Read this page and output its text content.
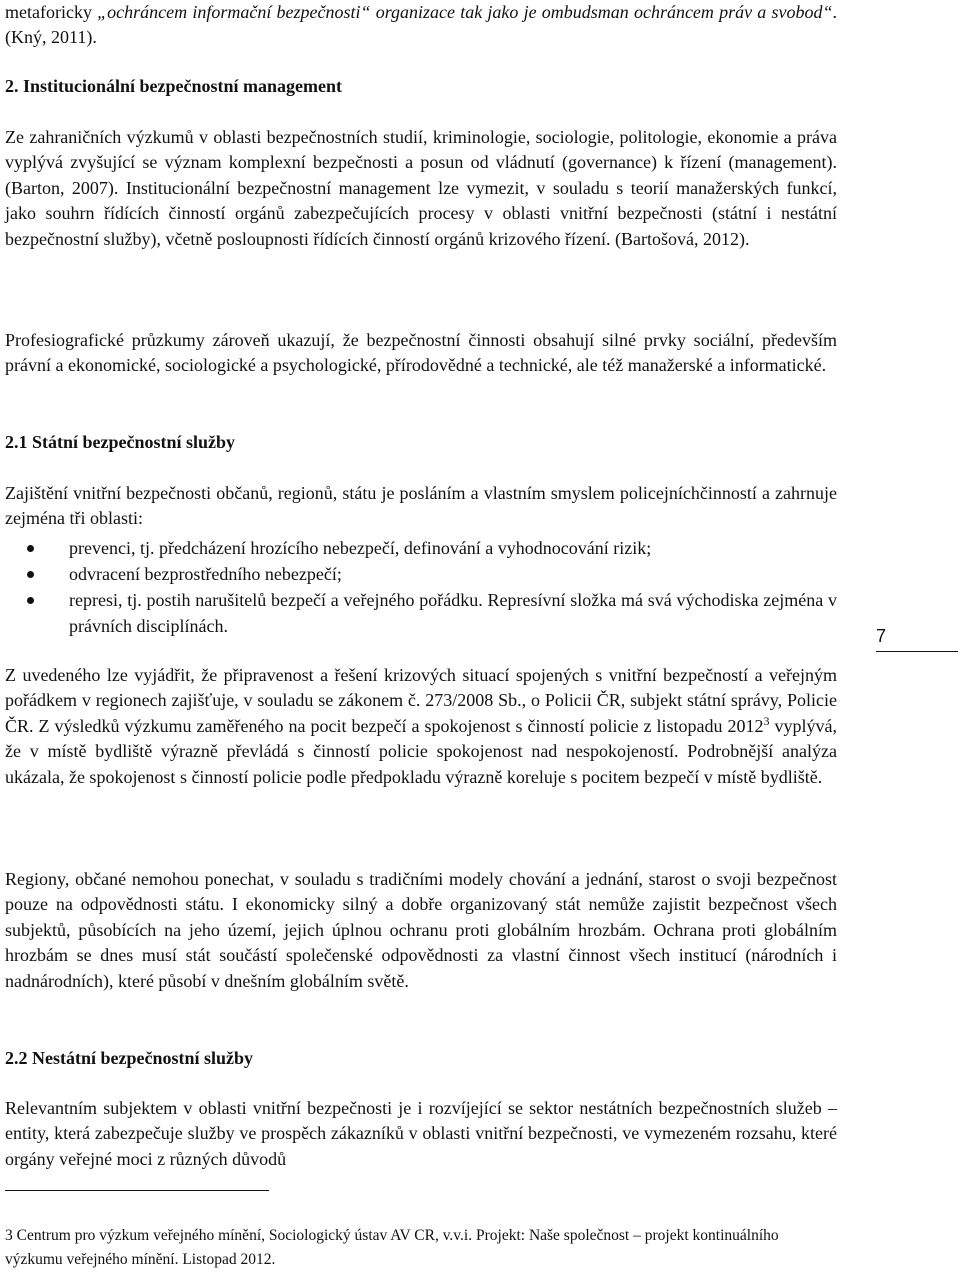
metaforicky „ochráncem informační bezpečnosti“ organizace tak jako je ombudsman ochráncem práv a svobod“. (Kný, 2011).

2. Institucionální bezpečnostní management

Ze zahraničních výzkumů v oblasti bezpečnostních studií, kriminologie, sociologie, politologie, ekonomie a práva vyplývá zvyšující se význam komplexní bezpečnosti a posun od vládnutí (governance) k řízení (management). (Barton, 2007). Institucionální bezpečnostní management lze vymezit, v souladu s teorií manažerských funkcí, jako souhrn řídících činností orgánů zabezpečujících procesy v oblasti vnitřní bezpečnosti (státní i nestátní bezpečnostní služby), včetně posloupnosti řídících činností orgánů krizového řízení. (Bartošová, 2012).

Profesiografické průzkumy zároveň ukazují, že bezpečnostní činnosti obsahují silné prvky sociální, především právní a ekonomické, sociologické a psychologické, přírodovědné a technické, ale též manažerské a informatické.

2.1 Státní bezpečnostní služby

Zajištění vnitřní bezpečnosti občanů, regionů, státu je posláním a vlastním smyslem policejníchčinností a zahrnuje zejména tři oblasti:

prevenci, tj. předcházení hrozícího nebezpečí, definování a vyhodnocování rizik;
odvracení bezprostředního nebezpečí;
represi, tj. postih narušitelů bezpečí a veřejného pořádku. Represívní složka má svá východiska zejména v právních disciplínách.

Z uvedeného lze vyjádřit, že připravenost a řešení krizových situací spojených s vnitřní bezpečností a veřejným pořádkem v regionech zajišťuje, v souladu se zákonem č. 273/2008 Sb., o Policii ČR, subjekt státní správy, Policie ČR. Z výsledků výzkumu zaměřeného na pocit bezpečí a spokojenost s činností policie z listopadu 2012$^3$ vyplývá, že v místě bydliště výrazně převládá s činností policie spokojenost nad nespokojeností. Podrobnější analýza ukázala, že spokojenost s činností policie podle předpokladu výrazně koreluje s pocitem bezpečí v místě bydliště.

Regiony, občané nemohou ponechat, v souladu s tradičními modely chování a jednání, starost o svoji bezpečnost pouze na odpovědnosti státu. I ekonomicky silný a dobře organizovaný stát nemůže zajistit bezpečnost všech subjektů, působících na jeho území, jejich úplnou ochranu proti globálním hrozbám. Ochrana proti globálním hrozbám se dnes musí stát součástí společenské odpovědnosti za vlastní činnost všech institucí (národních i nadnárodních), které působí v dnešním globálním světě.

2.2 Nestátní bezpečnostní služby

Relevantním subjektem v oblasti vnitřní bezpečnosti je i rozvíjející se sektor nestátních bezpečnostních služeb – entity, která zabezpečuje služby ve prospěch zákazníků v oblasti vnitřní bezpečnosti, ve vymezeném rozsahu, které orgány veřejné moci z různých důvodů

7
3 Centrum pro výzkum veřejného mínění, Sociologický ústav AV CR, v.v.i. Projekt: Naše společnost – projekt kontinuálního výzkumu veřejného mínění. Listopad 2012.
